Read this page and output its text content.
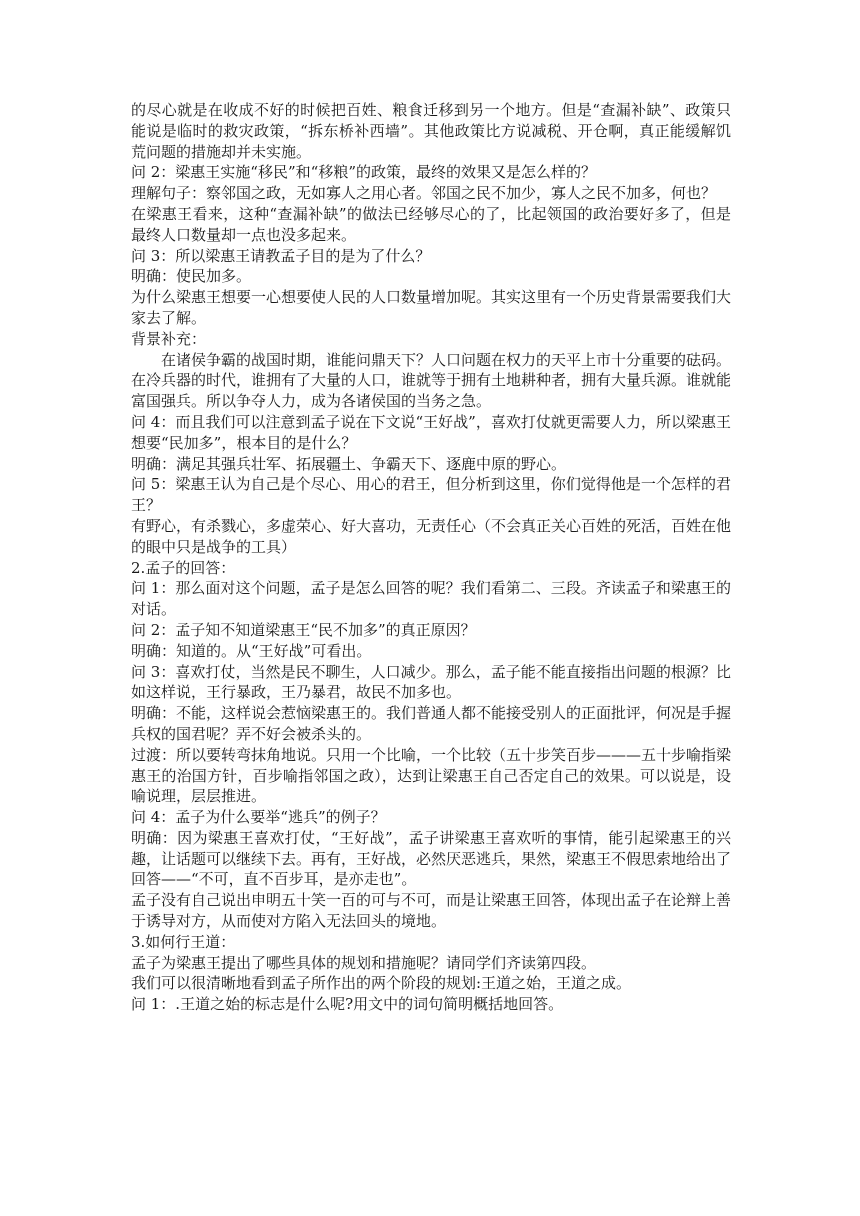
的尽心就是在收成不好的时候把百姓、粮食迁移到另一个地方。但是“查漏补缺”、政策只能说是临时的救灾政策，“拆东桥补西墙”。其他政策比方说减税、开仓啊，真正能缓解饥荒问题的措施却并未实施。

问 2：梁惠王实施“移民”和“移粮”的政策，最终的效果又是怎么样的？

理解句子：察邻国之政，无如寡人之用心者。邻国之民不加少，寡人之民不加多，何也？

在梁惠王看来，这种“查漏补缺”的做法已经够尽心的了，比起领国的政治要好多了，但是最终人口数量却一点也没多起来。

问 3：所以梁惠王请教孟子目的是为了什么？

明确：使民加多。

为什么梁惠王想要一心想要使人民的人口数量增加呢。其实这里有一个历史背景需要我们大家去了解。

背景补充：

在诸侯争霸的战国时期，谁能问鼎天下？人口问题在权力的天平上市十分重要的砝码。在冷兵器的时代，谁拥有了大量的人口，谁就等于拥有土地耕种者，拥有大量兵源。谁就能富国强兵。所以争夺人力，成为各诸侯国的当务之急。

问 4：而且我们可以注意到孟子说在下文说“王好战”，喜欢打仗就更需要人力，所以梁惠王想要“民加多”，根本目的是什么？

明确：满足其强兵壮军、拓展疆土、争霸天下、逐鹿中原的野心。

问 5：梁惠王认为自己是个尽心、用心的君王，但分析到这里，你们觉得他是一个怎样的君王？

有野心，有杀戮心，多虚荣心、好大喜功，无责任心（不会真正关心百姓的死活，百姓在他的眼中只是战争的工具）

2.孟子的回答：

问 1：那么面对这个问题，孟子是怎么回答的呢？我们看第二、三段。齐读孟子和梁惠王的对话。

问 2：孟子知不知道梁惠王“民不加多”的真正原因？

明确：知道的。从“王好战”可看出。

问 3：喜欢打仗，当然是民不聊生，人口减少。那么，孟子能不能直接指出问题的根源？比如这样说，王行暴政，王乃暴君，故民不加多也。

明确：不能，这样说会惹恼梁惠王的。我们普通人都不能接受别人的正面批评，何况是手握兵权的国君呢？弄不好会被杀头的。

过渡：所以要转弯抹角地说。只用一个比喻，一个比较（五十步笑百步———五十步喻指梁惠王的治国方针，百步喻指邻国之政），达到让梁惠王自己否定自己的效果。可以说是，设喻说理，层层推进。

问 4：孟子为什么要举“逃兵”的例子？

明确：因为梁惠王喜欢打仗，“王好战”，孟子讲梁惠王喜欢听的事情，能引起梁惠王的兴趣，让话题可以继续下去。再有，王好战，必然厌恶逃兵，果然，梁惠王不假思索地给出了回答——“不可，直不百步耳，是亦走也”。

孟子没有自己说出申明五十笑一百的可与不可，而是让梁惠王回答，体现出孟子在论辩上善于诱导对方，从而使对方陷入无法回头的境地。

3.如何行王道：

孟子为梁惠王提出了哪些具体的规划和措施呢？请同学们齐读第四段。

我们可以很清晰地看到孟子所作出的两个阶段的规划:王道之始，王道之成。

问 1：.王道之始的标志是什么呢?用文中的词句简明概括地回答。
